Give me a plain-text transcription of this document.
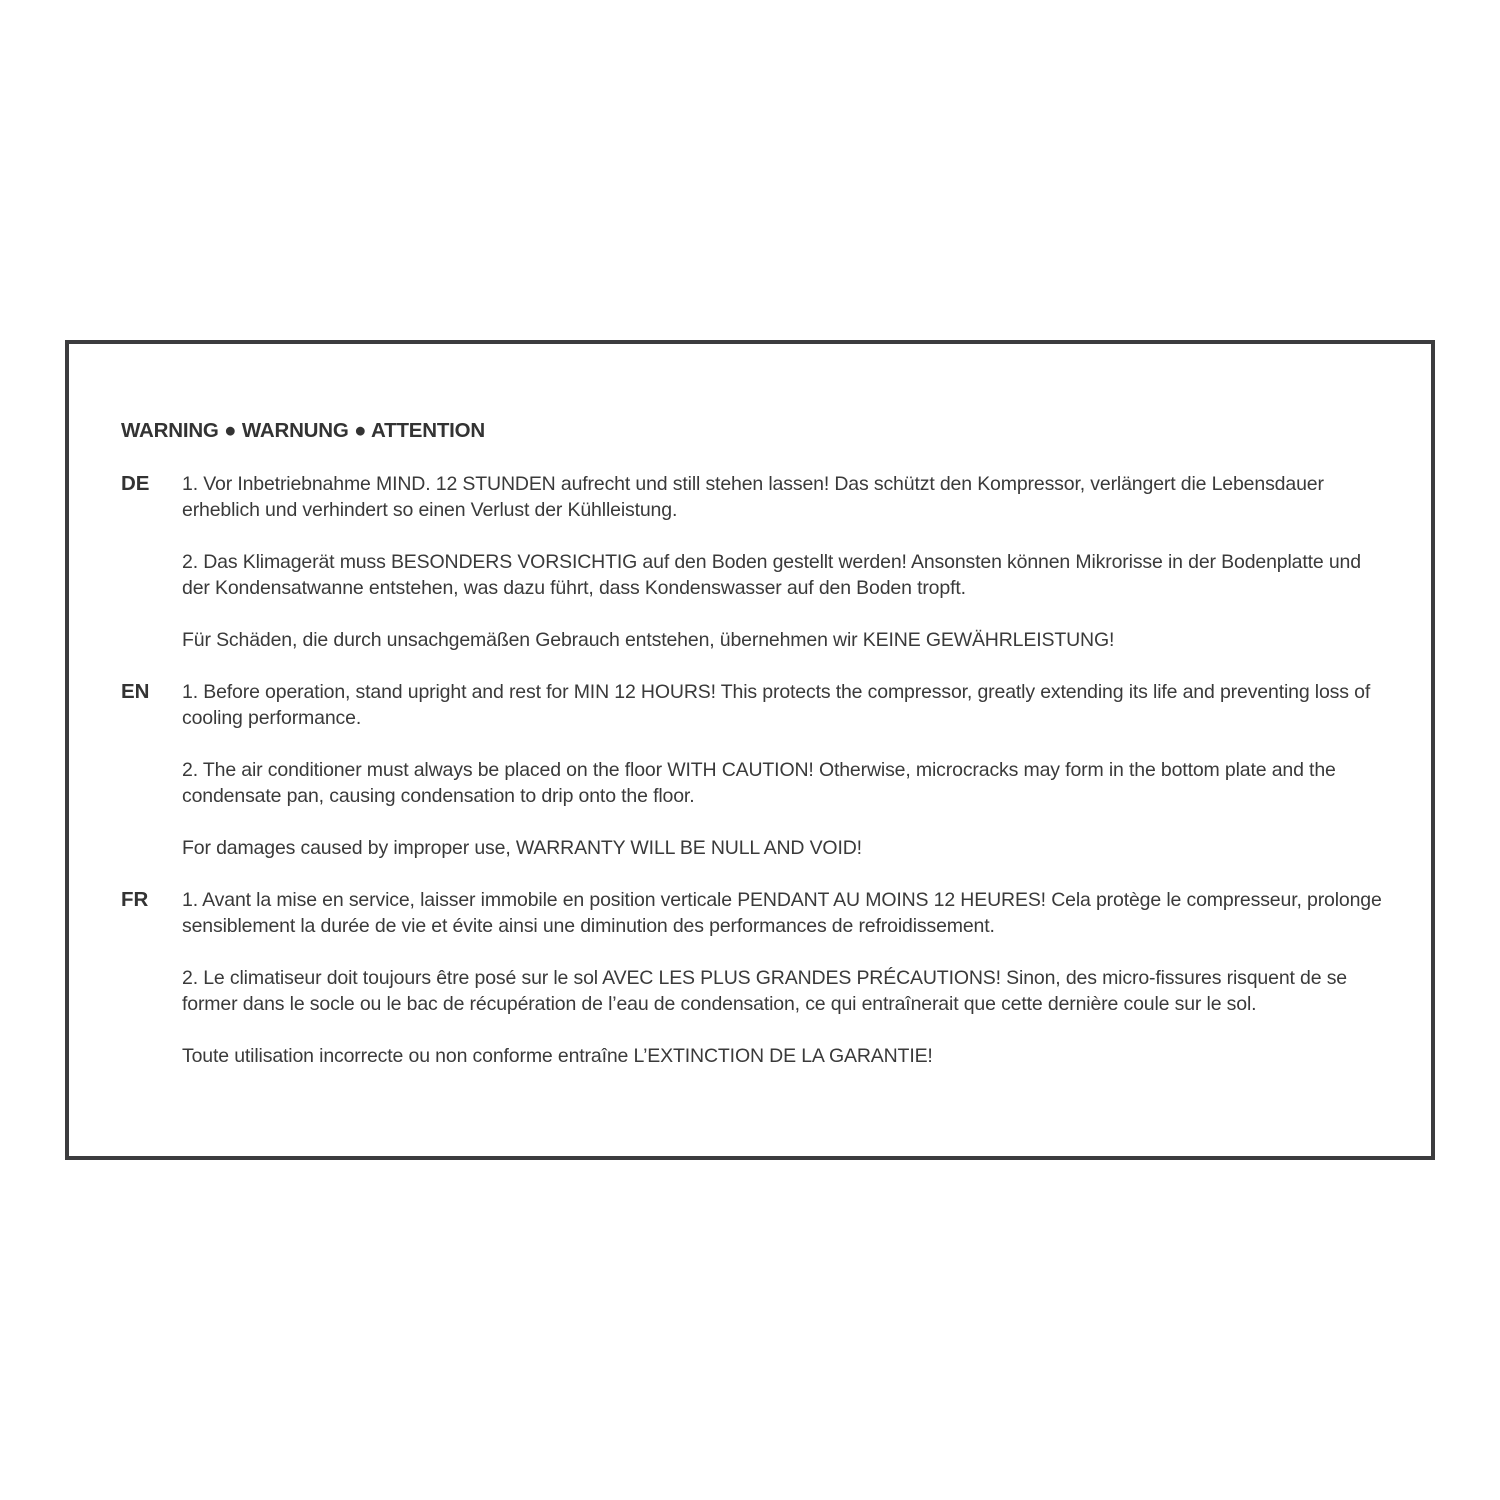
WARNING ● WARNUNG ● ATTENTION
DE	1. Vor Inbetriebnahme MIND. 12 STUNDEN aufrecht und still stehen lassen! Das schützt den Kompressor, verlängert die Lebensdauer erheblich und verhindert so einen Verlust der Kühlleistung.

2. Das Klimagerät muss BESONDERS VORSICHTIG auf den Boden gestellt werden! Ansonsten können Mikrorisse in der Bodenplatte und der Kondensatwanne entstehen, was dazu führt, dass Kondenswasser auf den Boden tropft.

Für Schäden, die durch unsachgemäßen Gebrauch entstehen, übernehmen wir KEINE GEWÄHRLEISTUNG!

EN	1. Before operation, stand upright and rest for MIN 12 HOURS! This protects the compressor, greatly extending its life and preventing loss of cooling performance.

2. The air conditioner must always be placed on the floor WITH CAUTION! Otherwise, microcracks may form in the bottom plate and the condensate pan, causing condensation to drip onto the floor.

For damages caused by improper use, WARRANTY WILL BE NULL AND VOID!

FR	1. Avant la mise en service, laisser immobile en position verticale PENDANT AU MOINS 12 HEURES! Cela protège le compresseur, prolonge sensiblement la durée de vie et évite ainsi une diminution des performances de refroidissement.

2. Le climatiseur doit toujours être posé sur le sol AVEC LES PLUS GRANDES PRÉCAUTIONS! Sinon, des micro-fissures risquent de se former dans le socle ou le bac de récupération de l’eau de condensation, ce qui entraînerait que cette dernière coule sur le sol.

Toute utilisation incorrecte ou non conforme entraîne L’EXTINCTION DE LA GARANTIE!
